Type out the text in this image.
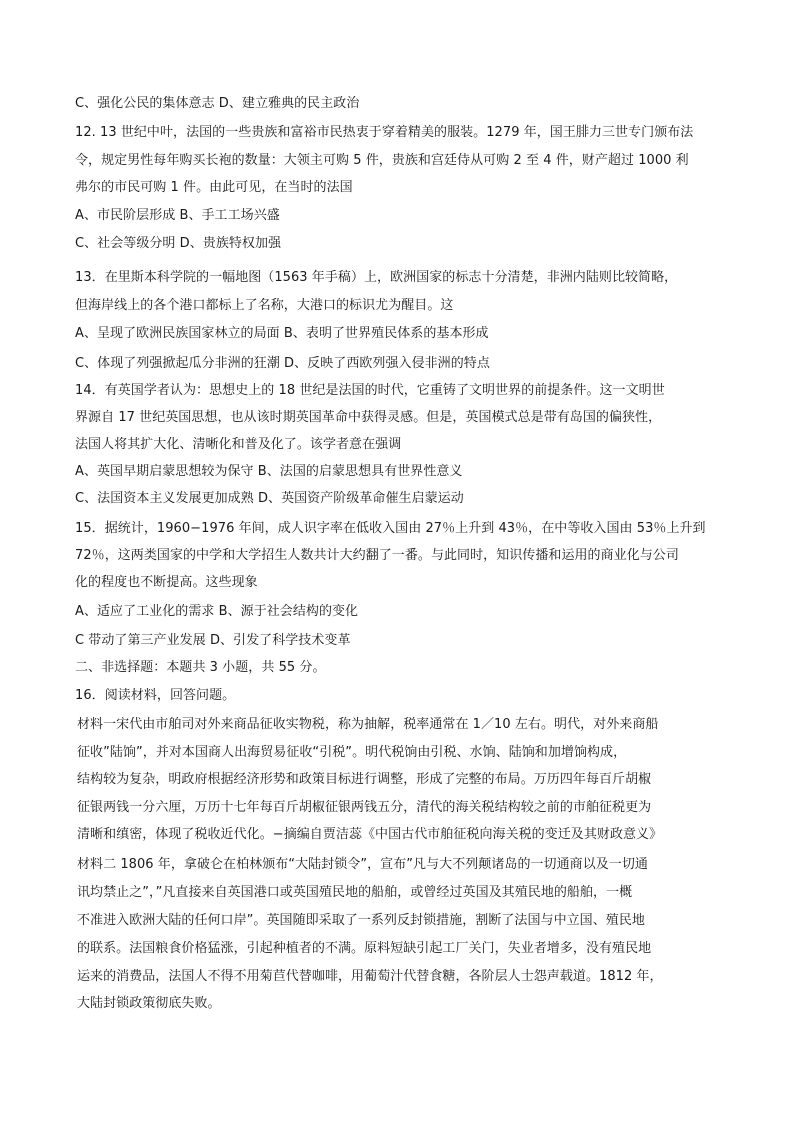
C、强化公民的集体意志 D、建立雅典的民主政治
12. 13 世纪中叶，法国的一些贵族和富裕市民热衷于穿着精美的服装。1279 年，国王腓力三世专门颁布法
令，规定男性每年购买长袍的数量：大领主可购 5 件，贵族和宫廷侍从可购 2 至 4 件，财产超过 1000 利
弗尔的市民可购 1 件。由此可见，在当时的法国
A、市民阶层形成 B、手工工场兴盛
C、社会等级分明 D、贵族特权加强
13．在里斯本科学院的一幅地图（1563 年手稿）上，欧洲国家的标志十分清楚，非洲内陆则比较简略，
但海岸线上的各个港口都标上了名称，大港口的标识尤为醒目。这
A、呈现了欧洲民族国家林立的局面 B、表明了世界殖民体系的基本形成
C、体现了列强掀起瓜分非洲的狂潮 D、反映了西欧列强入侵非洲的特点
14．有英国学者认为：思想史上的 18 世纪是法国的时代，它重铸了文明世界的前提条件。这一文明世
界源自 17 世纪英国思想，也从该时期英国革命中获得灵感。但是，英国模式总是带有岛国的偏狭性，
法国人将其扩大化、清晰化和普及化了。该学者意在强调
A、英国早期启蒙思想较为保守 B、法国的启蒙思想具有世界性意义
C、法国资本主义发展更加成熟 D、英国资产阶级革命催生启蒙运动
15．据统计，1960−1976 年间，成人识字率在低收入国由 27％上升到 43％，在中等收入国由 53％上升到
72％，这两类国家的中学和大学招生人数共计大约翻了一番。与此同时，知识传播和运用的商业化与公司
化的程度也不断提高。这些现象
A、适应了工业化的需求 B、源于社会结构的变化
C 带动了第三产业发展 D、引发了科学技术变革
二、非选择题：本题共 3 小题，共 55 分。
16．阅读材料，回答问题。
材料一宋代由市舶司对外来商品征收实物税，称为抽解，税率通常在 1／10 左右。明代，对外来商船
征收”陆饷”，并对本国商人出海贸易征收“引税”。明代税饷由引税、水饷、陆饷和加增饷构成，
结构较为复杂，明政府根据经济形势和政策目标进行调整，形成了完整的布局。万历四年每百斤胡椒
征银两钱一分六厘，万历十七年每百斤胡椒征银两钱五分，清代的海关税结构较之前的市舶征税更为
清晰和缜密，体现了税收近代化。−摘编自贾洁蕊《中国古代市舶征税向海关税的变迁及其财政意义》
材料二 1806 年，拿破仑在柏林颁布“大陆封锁令”，宣布”凡与大不列颠诸岛的一切通商以及一切通
讯均禁止之”，”凡直接来自英国港口或英国殖民地的船舶，或曾经过英国及其殖民地的船舶，一概
不准进入欧洲大陆的任何口岸”。英国随即采取了一系列反封锁措施，割断了法国与中立国、殖民地
的联系。法国粮食价格猛涨，引起种植者的不满。原料短缺引起工厂关门，失业者增多，没有殖民地
运来的消费品，法国人不得不用菊苣代替咖啡，用葡萄汁代替食糖，各阶层人士怨声载道。1812 年，
大陆封锁政策彻底失败。
